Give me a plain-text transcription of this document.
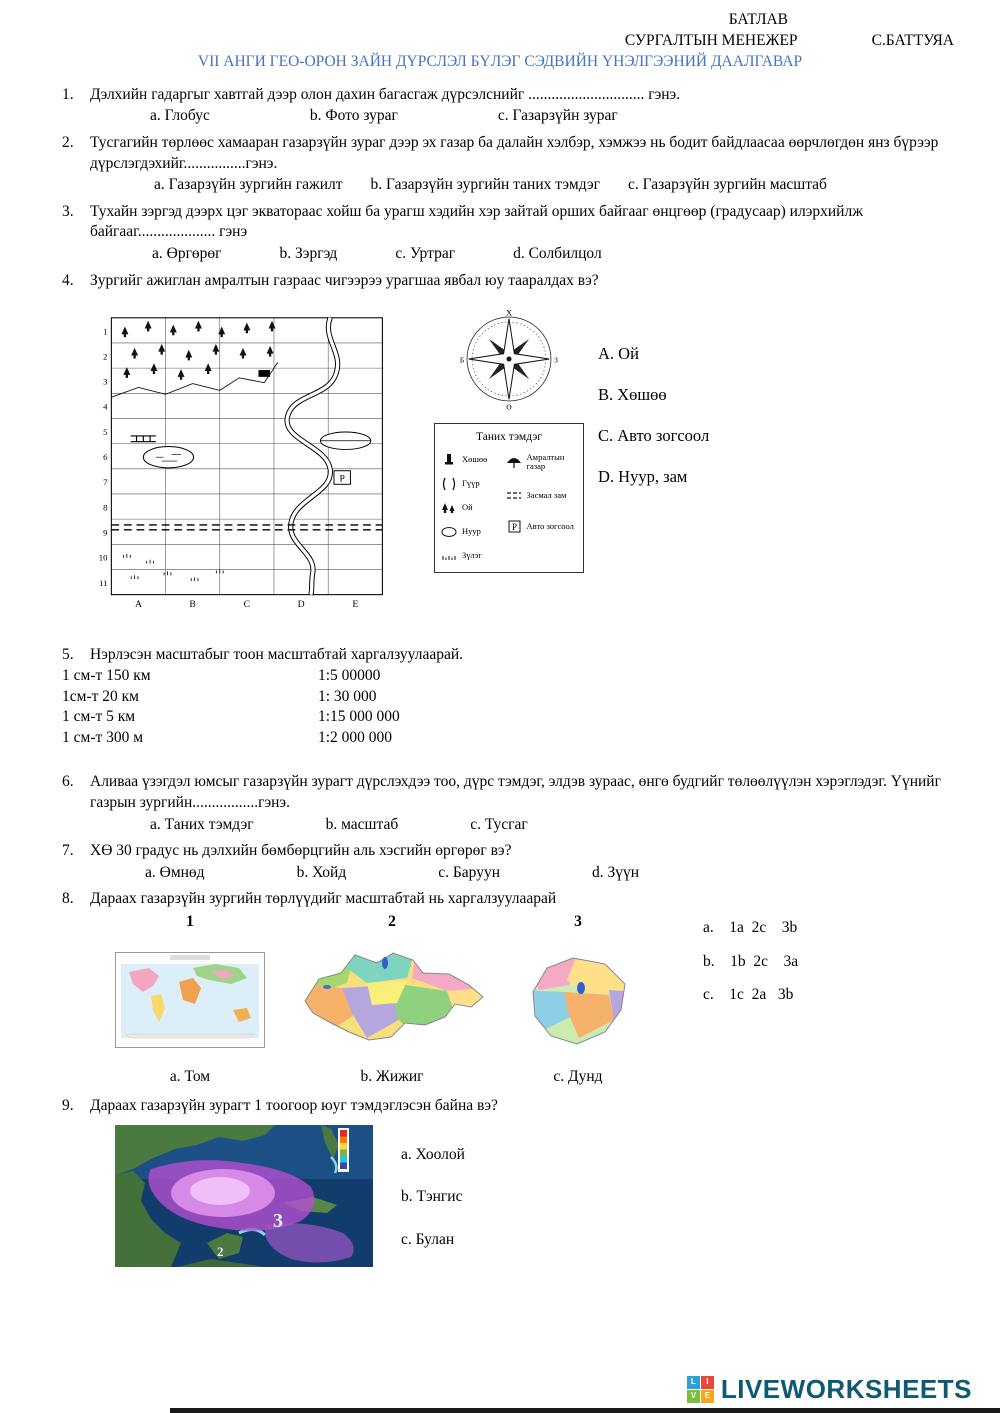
БАТЛАВ
СУРГАЛТЫН МЕНЕЖЕР	С.БАТТУЯА
VII АНГИ ГЕО-ОРОН ЗАЙН ДҮРСЛЭЛ БҮЛЭГ СЭДВИЙН ҮНЭЛГЭЭНИЙ ДААЛГАВАР
1.	Дэлхийн гадаргыг хавтгай дээр олон дахин багасгаж дүрсэлснийг .............................. гэнэ.
a. Глобус	b. Фото зураг	c. Газарзүйн зураг
2.	Тусгагийн төрлөөс хамааран газарзүйн зураг дээр эх газар ба далайн хэлбэр, хэмжээ нь бодит байдлаасаа өөрчлөгдөн янз бүрээр дүрслэгдэхийг................гэнэ.
a. Газарзүйн зургийн гажилт b. Газарзүйн зургийн таних тэмдэг c. Газарзүйн зургийн масштаб
3.	Тухайн зэргэд дээрх цэг экватораас хойш ба урагш хэдийн хэр зайтай орших байгааг өнцгөөр (градусаар) илэрхийлж байгааг.................... гэнэ
a. Өргөрөг	b. Зэргэд	c. Уртраг	d. Солбилцол
4.	Зургийг ажиглан амралтын газраас чигээрээ урагшаа явбал юу тааралдах вэ?
1
2
3
4
5
6
7
8
9
10
11
A	B	C	D	E
P
Х
З
Ө
Б
Таних тэмдэг
Хөшөө
Гүүр
Ой
Нуур
Зүлэг
Амралтын газар
Засмал зам
P Авто зогсоол
А. Ой
В. Хөшөө
С. Авто зогсоол
D. Нуур, зам
5.	Нэрлэсэн масштабыг тоон масштабтай харгалзуулаарай.
1 см-т 150 км	1:5 00000
1см-т 20 км	1: 30 000
1 см-т 5 км	1:15 000 000
1 см-т 300 м	1:2 000 000
6.	Аливаа үзэгдэл юмсыг газарзүйн зурагт дүрслэхдээ тоо, дүрс тэмдэг, элдэв зураас, өнгө будгийг төлөөлүүлэн хэрэглэдэг. Үүнийг газрын зургийн.................гэнэ.
a. Таних тэмдэг	b. масштаб	c. Тусгаг
7.	ХӨ 30 градус нь дэлхийн бөмбөрцгийн аль хэсгийн өргөрөг вэ?
a. Өмнөд	b. Хойд	c. Баруун	d. Зүүн
8.	Дараах газарзүйн зургийн төрлүүдийг масштабтай нь харгалзуулаарай
1
a. Том
2
b. Жижиг
3
c. Дунд
a.    1a  2c    3b
b.    1b  2c    3a
c.    1c  2a   3b
9.	Дараах газарзүйн зурагт 1 тоогоор юуг тэмдэглэсэн байна вэ?
3
2
a. Хоолой
b. Тэнгис
c. Булан
L	I
V	E LIVEWORKSHEETS
